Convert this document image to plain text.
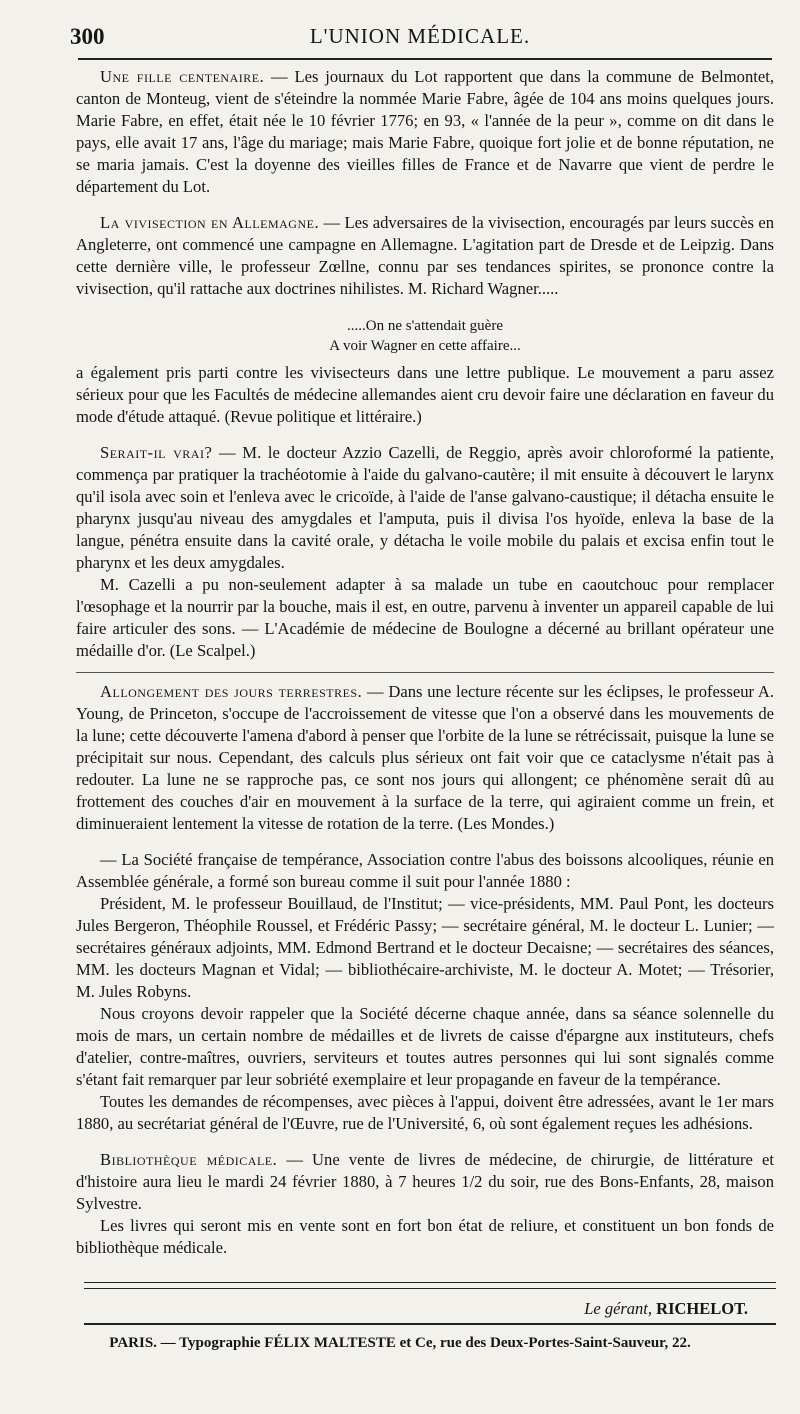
300	L'UNION MÉDICALE.

Une fille centenaire. — Les journaux du Lot rapportent que dans la commune de Belmontet, canton de Monteug, vient de s'éteindre la nommée Marie Fabre, âgée de 104 ans moins quelques jours. Marie Fabre, en effet, était née le 10 février 1776; en 93, « l'année de la peur », comme on dit dans le pays, elle avait 17 ans, l'âge du mariage; mais Marie Fabre, quoique fort jolie et de bonne réputation, ne se maria jamais. C'est la doyenne des vieilles filles de France et de Navarre que vient de perdre le département du Lot.

La vivisection en Allemagne. — Les adversaires de la vivisection, encouragés par leurs succès en Angleterre, ont commencé une campagne en Allemagne. L'agitation part de Dresde et de Leipzig. Dans cette dernière ville, le professeur Zœllne, connu par ses tendances spirites, se prononce contre la vivisection, qu'il rattache aux doctrines nihilistes. M. Richard Wagner.....

.....On ne s'attendait guère
A voir Wagner en cette affaire...

a également pris parti contre les vivisecteurs dans une lettre publique. Le mouvement a paru assez sérieux pour que les Facultés de médecine allemandes aient cru devoir faire une déclaration en faveur du mode d'étude attaqué. (Revue politique et littéraire.)

Serait-il vrai? — M. le docteur Azzio Cazelli, de Reggio, après avoir chloroformé la patiente, commença par pratiquer la trachéotomie à l'aide du galvano-cautère; il mit ensuite à découvert le larynx qu'il isola avec soin et l'enleva avec le cricoïde, à l'aide de l'anse galvano-caustique; il détacha ensuite le pharynx jusqu'au niveau des amygdales et l'amputa, puis il divisa l'os hyoïde, enleva la base de la langue, pénétra ensuite dans la cavité orale, y détacha le voile mobile du palais et excisa enfin tout le pharynx et les deux amygdales.

M. Cazelli a pu non-seulement adapter à sa malade un tube en caoutchouc pour remplacer l'œsophage et la nourrir par la bouche, mais il est, en outre, parvenu à inventer un appareil capable de lui faire articuler des sons. — L'Académie de médecine de Boulogne a décerné au brillant opérateur une médaille d'or. (Le Scalpel.)

Allongement des jours terrestres. — Dans une lecture récente sur les éclipses, le professeur A. Young, de Princeton, s'occupe de l'accroissement de vitesse que l'on a observé dans les mouvements de la lune; cette découverte l'amena d'abord à penser que l'orbite de la lune se rétrécissait, puisque la lune se précipitait sur nous. Cependant, des calculs plus sérieux ont fait voir que ce cataclysme n'était pas à redouter. La lune ne se rapproche pas, ce sont nos jours qui allongent; ce phénomène serait dû au frottement des couches d'air en mouvement à la surface de la terre, qui agiraient comme un frein, et diminueraient lentement la vitesse de rotation de la terre. (Les Mondes.)

— La Société française de tempérance, Association contre l'abus des boissons alcooliques, réunie en Assemblée générale, a formé son bureau comme il suit pour l'année 1880 :

Président, M. le professeur Bouillaud, de l'Institut; — vice-présidents, MM. Paul Pont, les docteurs Jules Bergeron, Théophile Roussel, et Frédéric Passy; — secrétaire général, M. le docteur L. Lunier; — secrétaires généraux adjoints, MM. Edmond Bertrand et le docteur Decaisne; — secrétaires des séances, MM. les docteurs Magnan et Vidal; — bibliothécaire-archiviste, M. le docteur A. Motet; — Trésorier, M. Jules Robyns.

Nous croyons devoir rappeler que la Société décerne chaque année, dans sa séance solennelle du mois de mars, un certain nombre de médailles et de livrets de caisse d'épargne aux instituteurs, chefs d'atelier, contre-maîtres, ouvriers, serviteurs et toutes autres personnes qui lui sont signalés comme s'étant fait remarquer par leur sobriété exemplaire et leur propagande en faveur de la tempérance.

Toutes les demandes de récompenses, avec pièces à l'appui, doivent être adressées, avant le 1er mars 1880, au secrétariat général de l'Œuvre, rue de l'Université, 6, où sont également reçues les adhésions.

Bibliothèque médicale. — Une vente de livres de médecine, de chirurgie, de littérature et d'histoire aura lieu le mardi 24 février 1880, à 7 heures 1/2 du soir, rue des Bons-Enfants, 28, maison Sylvestre.

Les livres qui seront mis en vente sont en fort bon état de reliure, et constituent un bon fonds de bibliothèque médicale.

Le gérant, RICHELOT.
PARIS. — Typographie FÉLIX MALTESTE et Ce, rue des Deux-Portes-Saint-Sauveur, 22.
